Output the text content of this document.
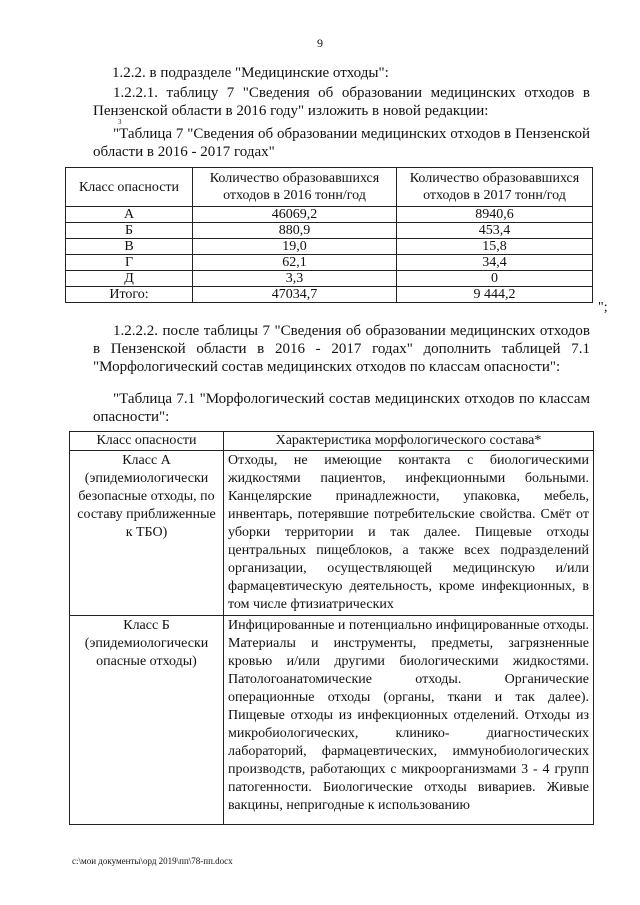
9

1.2.2. в подразделе "Медицинские отходы":

1.2.2.1. таблицу 7 "Сведения об образовании медицинских отходов в Пензенской области в 2016 году" изложить в новой редакции:

3

"Таблица 7 "Сведения об образовании медицинских отходов в Пензенской области в 2016 - 2017 годах"

Класс опасности	Количество образовавшихся отходов в 2016 тонн/год	Количество образовавшихся отходов в 2017 тонн/год
А	46069,2	8940,6
Б	880,9	453,4
В	19,0	15,8
Г	62,1	34,4
Д	3,3	0
Итого:	47034,7	9 444,2
";

1.2.2.2. после таблицы 7 "Сведения об образовании медицинских отходов в Пензенской области в 2016 - 2017 годах" дополнить таблицей 7.1 "Морфологический состав медицинских отходов по классам опасности":

"Таблица 7.1 "Морфологический состав медицинских отходов по классам опасности":

Класс опасности	Характеристика морфологического состава*
Класс А (эпидемиологически безопасные отходы, по составу приближенные к ТБО)	Отходы, не имеющие контакта с биологическими жидкостями пациентов, инфекционными больными. Канцелярские принадлежности, упаковка, мебель, инвентарь, потерявшие потребительские свойства. Смёт от уборки территории и так далее. Пищевые отходы центральных пищеблоков, а также всех подразделений организации, осуществляющей медицинскую и/или фармацевтическую деятельность, кроме инфекционных, в том числе фтизиатрических
Класс Б (эпидемиологически опасные отходы)	Инфицированные и потенциально инфицированные отходы. Материалы и инструменты, предметы, загрязненные кровью и/или другими биологическими жидкостями. Патологоанатомические отходы. Органические операционные отходы (органы, ткани и так далее). Пищевые отходы из инфекционных отделений. Отходы из микробиологических, клинико- диагностических лабораторий, фармацевтических, иммунобиологических производств, работающих с микроорганизмами 3 - 4 групп патогенности. Биологические отходы вивариев. Живые вакцины, непригодные к использованию
c:\мои документы\орд 2019\пп\78-пп.docx
